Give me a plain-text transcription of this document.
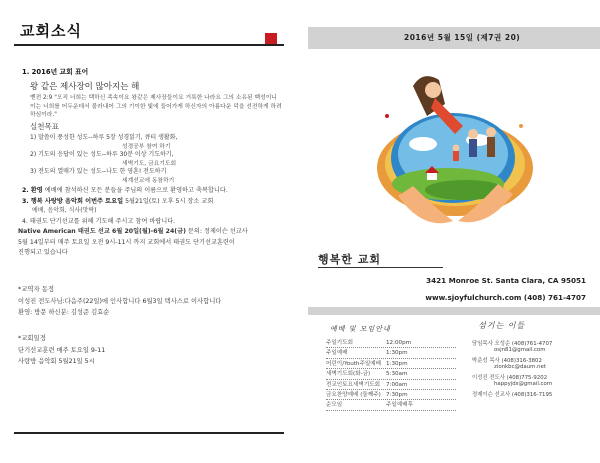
교회소식
1. 2016년 교회 표어
왕 같은 제사장이 많아지는 해
벧전 2:9 "오직 너희는 택하신 족속이요 왕같은 제사장들이요 거룩한 나라요 그의 소유된 백성이니 이는 너희를 어두운데서 불러내어 그의 기이한 빛에 들어가게 하신자의 아름다운 덕을 선전하게 하려 하심이라."
실천목표
1) 말씀이 풍성한 성도--하루 5장 성경읽기, 큐티 생활화,
성경공부 참여 하기
2) 기도의 응답이 있는 성도--하루 30분 이상 기도하기,
새벽기도, 금요기도회
3) 전도의 열매가 있는 성도--나도 한 영혼! 전도하기
세계선교에 동참하기
2. 환영 예배에 참석하신 모든 분들을 주님의 이름으로 환영하고 축복합니다.
3. 행복 사랑방 음악회 이번주 토요일 5월21일(토) 오후 5시 장소 교회
예배, 음악회, 식사(맛락)
4. 태권도 단기선교를 위해 기도해 주시고 참여 바랍니다.
Native American 태권도 선교 6월 20일(월)-6월 24(금) 문의: 정제이슨 선교사
5월 14일부터 매주 토요일 오전 9시-11시 까지 교회에서 태권도 단기선교훈련이
진행되고 있습니다
*교역자 동정
이성진 전도사님:다음주(22일)에 인사합니다 6월3일 텍사스로 이사합니다
환영: 방문 하신분: 김성준 김효순
*교회일정
단기선교훈련 매주 토요일 9-11
사랑방 음악회 5월21일 5시
2016년 5월 15일 (제7권 20)
행복한 교회
3421 Monroe St. Santa Clara, CA 95051
www.sjoyfulchurch.com (408) 761-4707
예배 및 모임안내	섬기는 이들
주일기도회	12:00pm
주일예배	1:30pm
어린이/Youth주일예배 1:30pm
새벽기도회(화-금)	5:30am
전교인토요새벽기도회	7:00am
금요찬양예배 (둘째주) 7:30pm
순모임	주일예배후
담임목사 오성순 (408)761-4707
osjn81@gmail.com
박준성 목사 (408)316-3802
zionkbc@daum.net
이성진 전도사 (408)775-9202
happyjds@gmail.com
정제이슨 선교사 (408)316-7195
